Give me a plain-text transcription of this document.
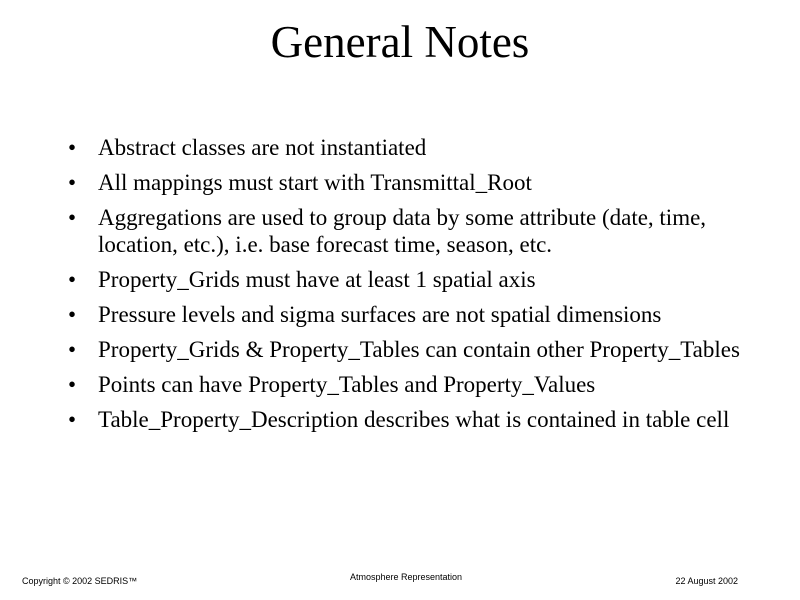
General Notes
• Abstract classes are not instantiated
• All mappings must start with Transmittal_Root
• Aggregations are used to group data by some attribute (date, time, location, etc.), i.e. base forecast time, season, etc.
• Property_Grids must have at least 1 spatial axis
• Pressure levels and sigma surfaces are not spatial dimensions
• Property_Grids & Property_Tables can contain other Property_Tables
• Points can have Property_Tables and Property_Values
• Table_Property_Description describes what is contained in table cell
Copyright © 2002 SEDRIS™	Atmosphere Representation	22 August 2002
